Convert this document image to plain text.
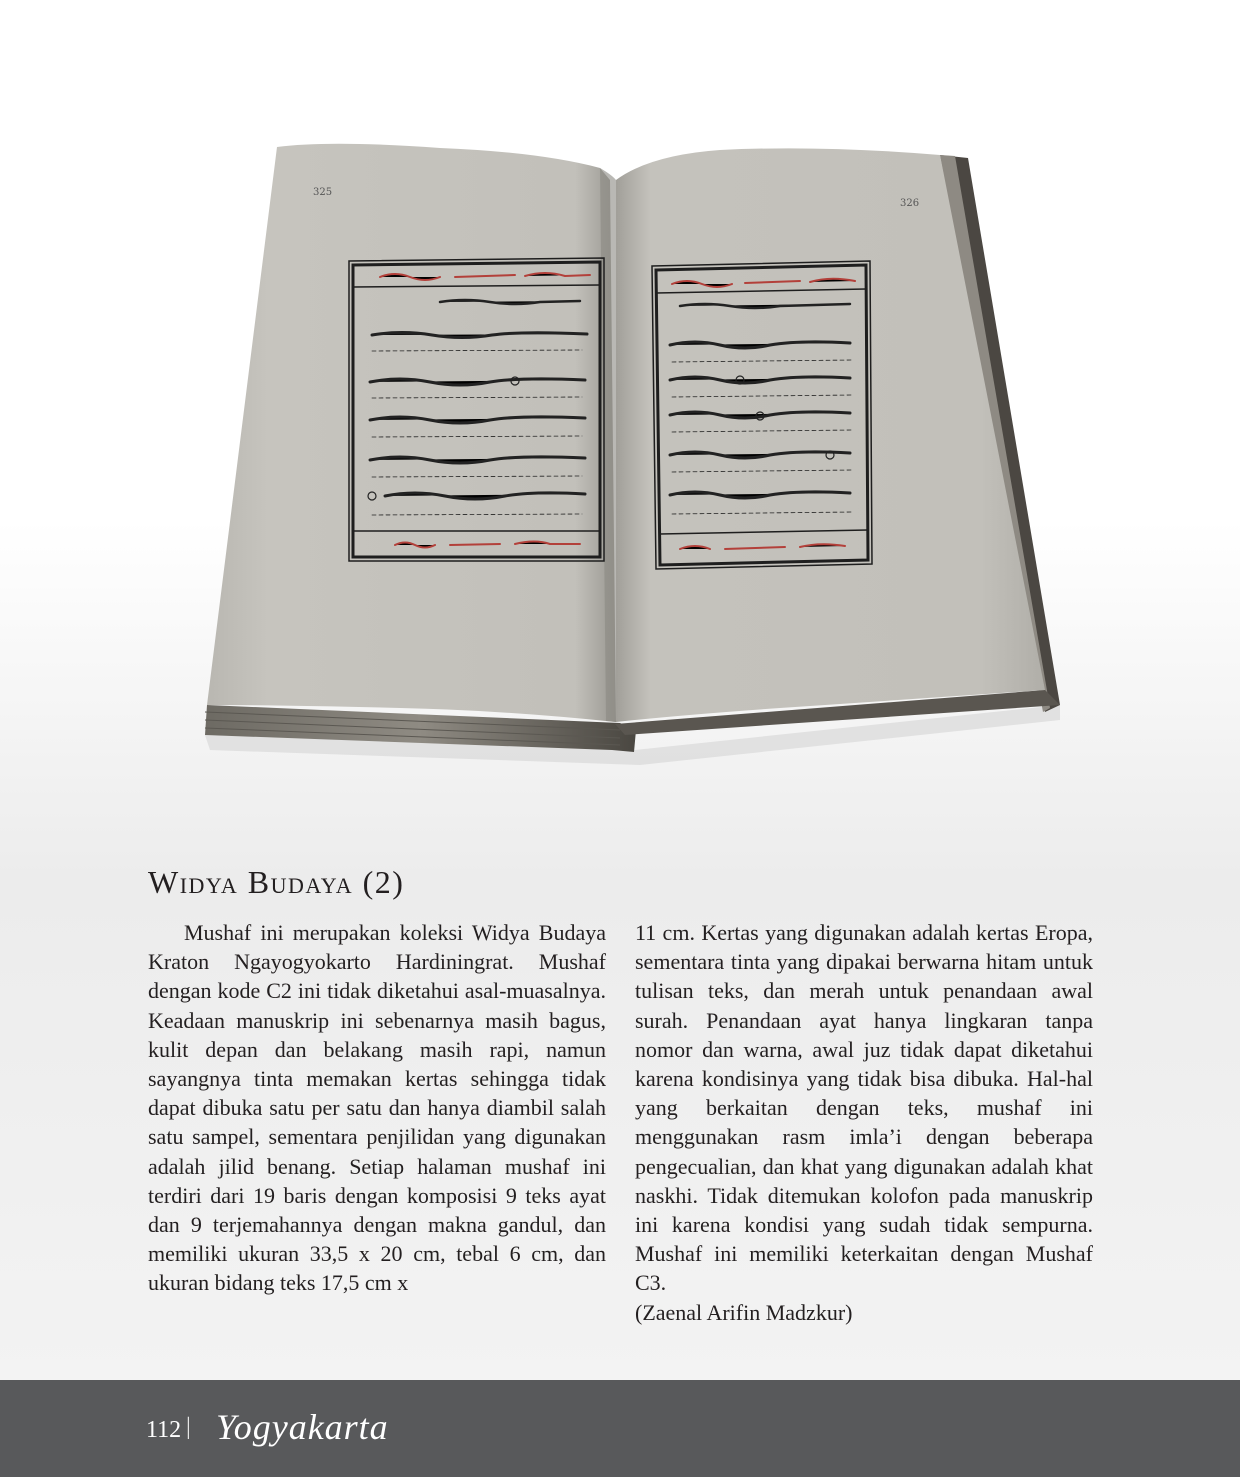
325
326
Widya Budaya (2)

Mushaf ini merupakan koleksi Widya Budaya Kraton Ngayogyokarto Hardiningrat. Mushaf dengan kode C2 ini tidak diketahui asal-muasalnya. Keadaan manuskrip ini sebenarnya masih bagus, kulit depan dan belakang masih rapi, namun sayangnya tinta memakan kertas sehingga tidak dapat dibuka satu per satu dan hanya diambil salah satu sampel, sementara penjilidan yang digunakan adalah jilid benang. Setiap halaman mushaf ini terdiri dari 19 baris dengan komposisi 9 teks ayat dan 9 terjemahannya dengan makna gandul, dan memiliki ukuran 33,5 x 20 cm, tebal 6 cm, dan ukuran bidang teks 17,5 cm x

11 cm. Kertas yang digunakan adalah kertas Eropa, sementara tinta yang dipakai berwarna hitam untuk tulisan teks, dan merah untuk penandaan awal surah. Penandaan ayat hanya lingkaran tanpa nomor dan warna, awal juz tidak dapat diketahui karena kondisinya yang tidak bisa dibuka. Hal-hal yang berkaitan dengan teks, mushaf ini menggunakan rasm imla’i dengan beberapa pengecualian, dan khat yang digunakan adalah khat naskhi. Tidak ditemukan kolofon pada manuskrip ini karena kondisi yang sudah tidak sempurna. Mushaf ini memiliki keterkaitan dengan Mushaf C3.

(Zaenal Arifin Madzkur)

112 | Yogyakarta
